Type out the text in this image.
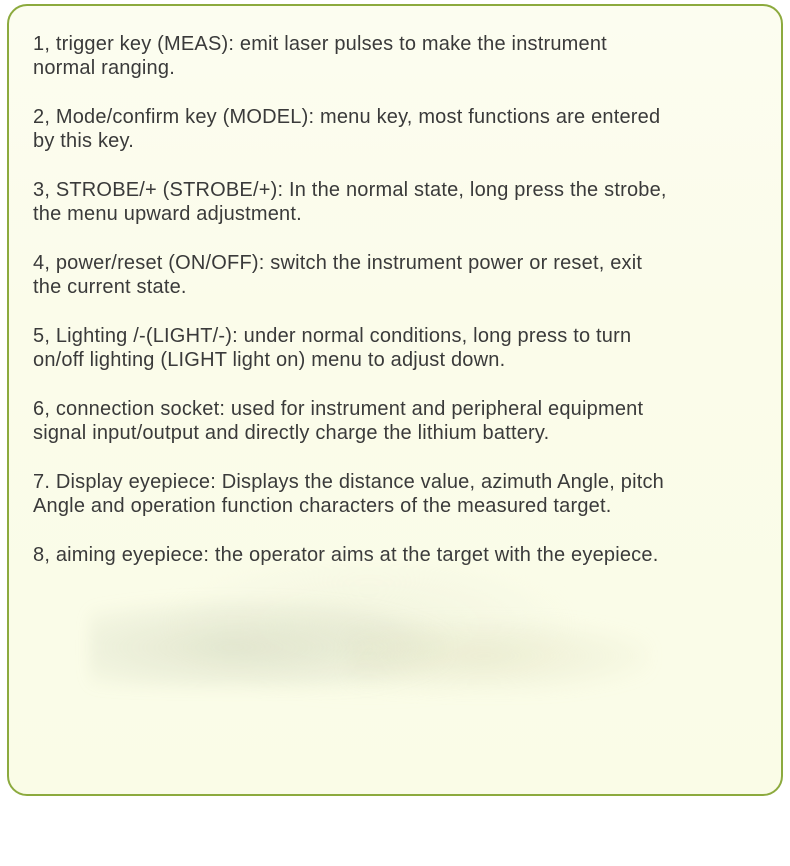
1, trigger key (MEAS): emit laser pulses to make the instrument
normal ranging.

2, Mode/confirm key (MODEL): menu key, most functions are entered
by this key.

3, STROBE/+ (STROBE/+): In the normal state, long press the strobe,
the menu upward adjustment.

4, power/reset (ON/OFF): switch the instrument power or reset, exit
the current state.

5, Lighting /-(LIGHT/-): under normal conditions, long press to turn
on/off lighting (LIGHT light on) menu to adjust down.

6, connection socket: used for instrument and peripheral equipment
signal input/output and directly charge the lithium battery.

7. Display eyepiece: Displays the distance value, azimuth Angle, pitch
Angle and operation function characters of the measured target.

8, aiming eyepiece: the operator aims at the target with the eyepiece.
